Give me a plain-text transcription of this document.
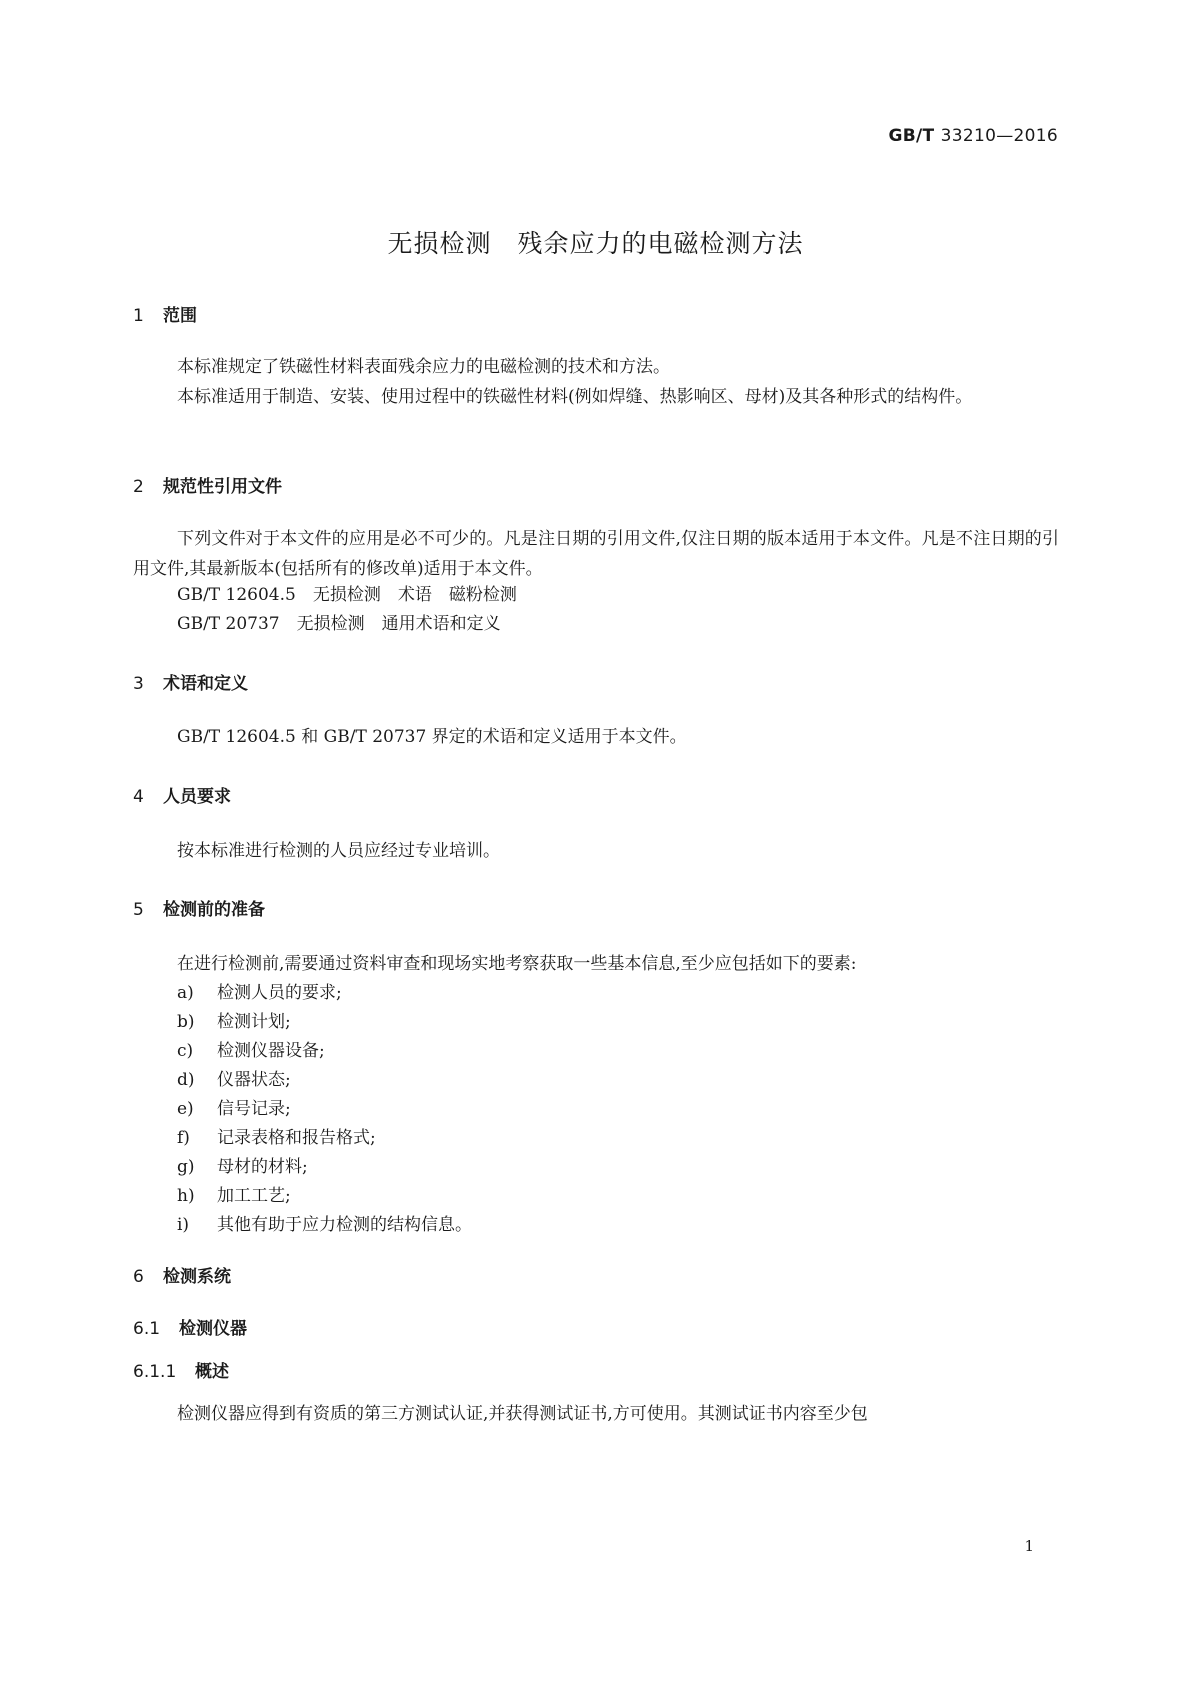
GB/T 33210—2016
无损检测　残余应力的电磁检测方法
1 范围
本标准规定了铁磁性材料表面残余应力的电磁检测的技术和方法。
本标准适用于制造、安装、使用过程中的铁磁性材料(例如焊缝、热影响区、母材)及其各种形式的结构件。
2 规范性引用文件
下列文件对于本文件的应用是必不可少的。凡是注日期的引用文件,仅注日期的版本适用于本文件。凡是不注日期的引用文件,其最新版本(包括所有的修改单)适用于本文件。
GB/T 12604.5　无损检测　术语　磁粉检测
GB/T 20737　无损检测　通用术语和定义
3 术语和定义
GB/T 12604.5 和 GB/T 20737 界定的术语和定义适用于本文件。
4 人员要求
按本标准进行检测的人员应经过专业培训。
5 检测前的准备
在进行检测前,需要通过资料审查和现场实地考察获取一些基本信息,至少应包括如下的要素:
a) 检测人员的要求;
b) 检测计划;
c) 检测仪器设备;
d) 仪器状态;
e) 信号记录;
f) 记录表格和报告格式;
g) 母材的材料;
h) 加工工艺;
i) 其他有助于应力检测的结构信息。
6 检测系统
6.1 检测仪器
6.1.1 概述
检测仪器应得到有资质的第三方测试认证,并获得测试证书,方可使用。其测试证书内容至少包
1
